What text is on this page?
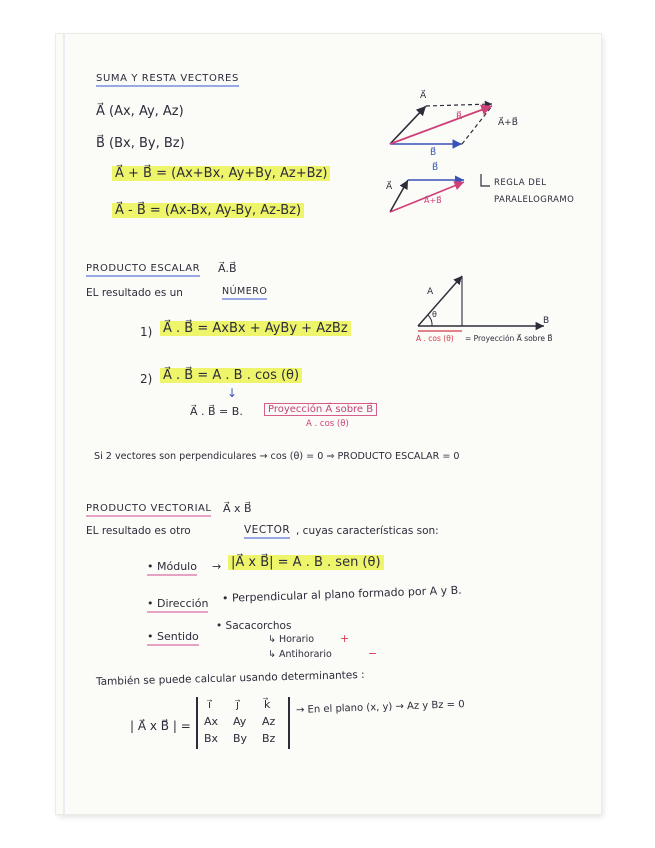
SUMA Y RESTA VECTORES
A⃗ (Ax, Ay, Az)
B⃗ (Bx, By, Bz)
A⃗ + B⃗ = (Ax+Bx, Ay+By, Az+Bz)
A⃗ - B⃗ = (Ax-Bx, Ay-By, Az-Bz)
A⃗
R⃗
B⃗
A⃗+B⃗
A⃗
B⃗
A⃗+B⃗
REGLA DEL
PARALELOGRAMO
PRODUCTO ESCALAR A⃗.B⃗
EL resultado es un	NÚMERO
1) A⃗ . B⃗ = AxBx + AyBy + AzBz
2) A⃗ . B⃗ = A . B . cos (θ)
↓
A⃗ . B⃗ = B.	Proyección A⃗ sobre B⃗
A . cos (θ)
A
θ
B
A . cos (θ) = Proyección A⃗ sobre B⃗
Si 2 vectores son perpendiculares → cos (θ) = 0 ⇒ PRODUCTO ESCALAR = 0
PRODUCTO VECTORIAL A⃗ x B⃗
EL resultado es otro	VECTOR , cuyas características son:
• Módulo → |A⃗ x B⃗| = A . B . sen (θ)
• Dirección • Perpendicular al plano formado por A y B.
• Sentido
• Sacacorchos
↳ Horario +
↳ Antihorario	−
También se puede calcular usando determinantes :
| A⃗ x B⃗ | =
i⃗ j⃗ k⃗
Ax Ay Az
Bx By Bz
→ En el plano (x, y) → Az y Bz = 0
